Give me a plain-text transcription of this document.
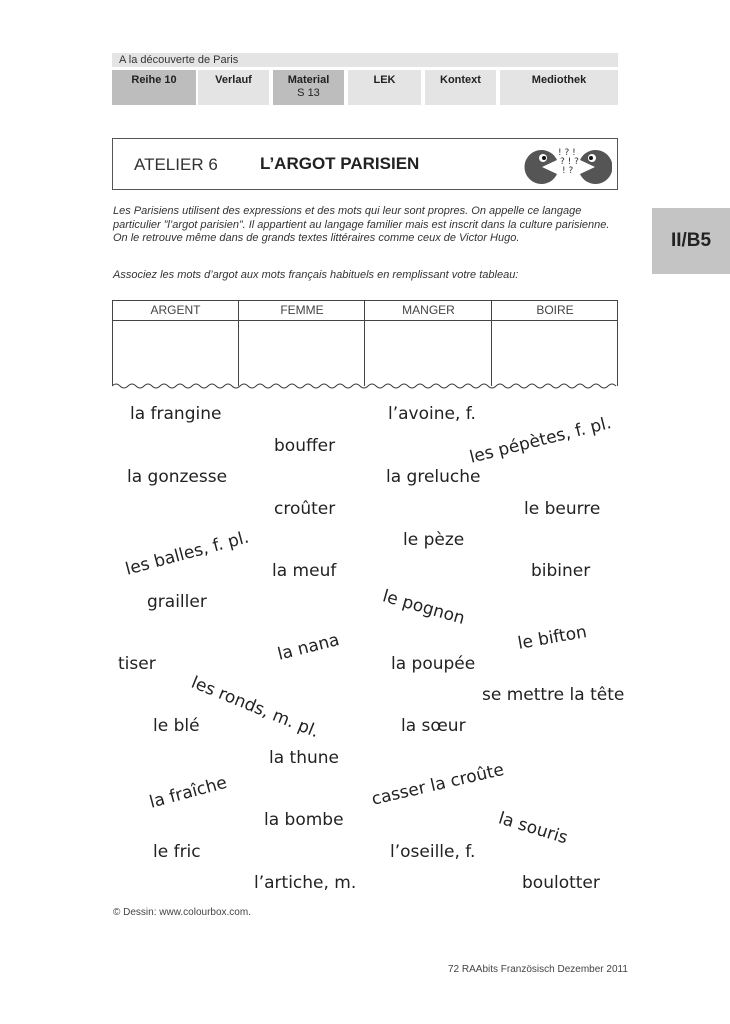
A la découverte de Paris
Reihe 10	Verlauf	Material
S 13
LEK	Kontext	Mediothek
ATELIER 6 L’ARGOT PARISIEN
! ? !
? ! ?
! ?
II/B5
Les Parisiens utilisent des expressions et des mots qui leur sont propres. On appelle ce langage particulier ”l’argot parisien”. Il appartient au langage familier mais est inscrit dans la culture parisienne. On le retrouve même dans de grands textes littéraires comme ceux de Victor Hugo.
Associez les mots d’argot aux mots français habituels en remplissant votre tableau:
ARGENT	FEMME	MANGER	BOIRE
la frangine	l’avoine, f.
bouffer	les pépètes, f. pl.
la gonzesse	la greluche
croûter	le beurre
les balles, f. pl.	le pèze
la meuf	bibiner
le pognon
grailler
la nana	le bifton
tiser
les ronds, m. pl.
la poupée
se mettre la tête
le blé	la sœur
la thune
la fraîche	casser la croûte
la souris
la bombe
le fric	l’oseille, f.
l’artiche, m.	boulotter
© Dessin: www.colourbox.com.
72 RAAbits Französisch Dezember 2011
